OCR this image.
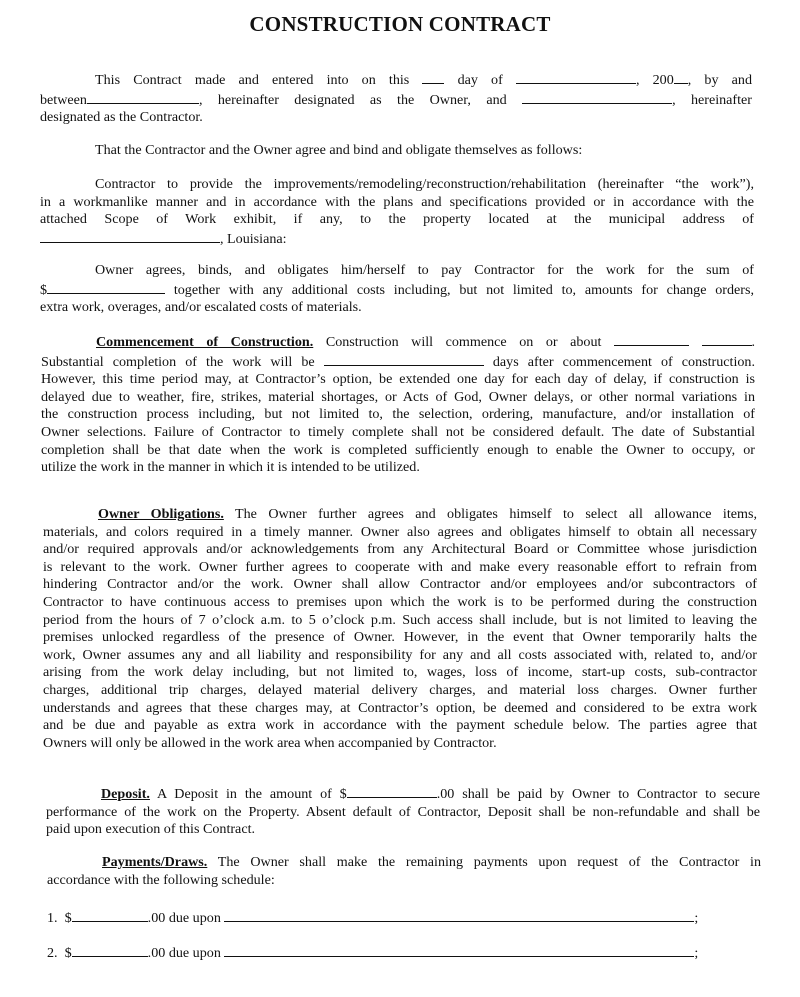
CONSTRUCTION CONTRACT
This Contract made and entered into on this	day of	, 200 , by and
between	, hereinafter designated as the Owner, and	, hereinafter
designated as the Contractor.
That the Contractor and the Owner agree and bind and obligate themselves as follows:
Contractor to provide the improvements/remodeling/reconstruction/rehabilitation (hereinafter “the work”),
in a workmanlike manner and in accordance with the plans and specifications provided or in accordance with the
attached Scope of Work exhibit, if any, to the property located at the municipal address of
, Louisiana:
Owner agrees, binds, and obligates him/herself to pay Contractor for the work for the sum of
$	together with any additional costs including, but not limited to, amounts for change orders,
extra work, overages, and/or escalated costs of materials.
Commencement of Construction. Construction will commence on or about	.
Substantial completion of the work will be	days after commencement of construction.
However, this time period may, at Contractor’s option, be extended one day for each day of delay, if construction is
delayed due to weather, fire, strikes, material shortages, or Acts of God, Owner delays, or other normal variations in
the construction process including, but not limited to, the selection, ordering, manufacture, and/or installation of
Owner selections. Failure of Contractor to timely complete shall not be considered default. The date of Substantial
completion shall be that date when the work is completed sufficiently enough to enable the Owner to occupy, or
utilize the work in the manner in which it is intended to be utilized.
Owner Obligations. The Owner further agrees and obligates himself to select all allowance items,
materials, and colors required in a timely manner. Owner also agrees and obligates himself to obtain all necessary
and/or required approvals and/or acknowledgements from any Architectural Board or Committee whose jurisdiction
is relevant to the work. Owner further agrees to cooperate with and make every reasonable effort to refrain from
hindering Contractor and/or the work. Owner shall allow Contractor and/or employees and/or subcontractors of
Contractor to have continuous access to premises upon which the work is to be performed during the construction
period from the hours of 7 o’clock a.m. to 5 o’clock p.m. Such access shall include, but is not limited to leaving the
premises unlocked regardless of the presence of Owner. However, in the event that Owner temporarily halts the
work, Owner assumes any and all liability and responsibility for any and all costs associated with, related to, and/or
arising from the work delay including, but not limited to, wages, loss of income, start-up costs, sub-contractor
charges, additional trip charges, delayed material delivery charges, and material loss charges. Owner further
understands and agrees that these charges may, at Contractor’s option, be deemed and considered to be extra work
and be due and payable as extra work in accordance with the payment schedule below. The parties agree that
Owners will only be allowed in the work area when accompanied by Contractor.
Deposit. A Deposit in the amount of $	.00 shall be paid by Owner to Contractor to secure
performance of the work on the Property. Absent default of Contractor, Deposit shall be non-refundable and shall be
paid upon execution of this Contract.
Payments/Draws. The Owner shall make the remaining payments upon request of the Contractor in
accordance with the following schedule:
1. $	.00 due upon	;
2. $	.00 due upon	;
